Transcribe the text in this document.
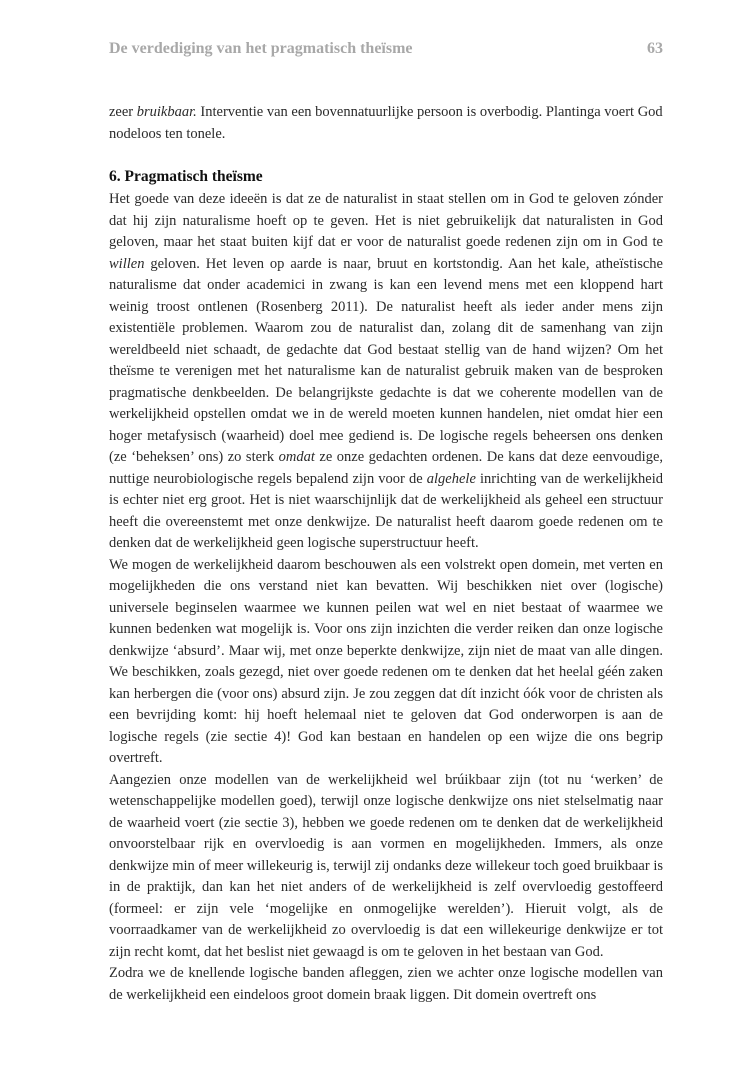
De verdediging van het pragmatisch theïsme	63

zeer bruikbaar. Interventie van een bovennatuurlijke persoon is overbodig. Plantinga voert God nodeloos ten tonele.

6. Pragmatisch theïsme

Het goede van deze ideeën is dat ze de naturalist in staat stellen om in God te geloven zónder dat hij zijn naturalisme hoeft op te geven. Het is niet gebruikelijk dat naturalisten in God geloven, maar het staat buiten kijf dat er voor de naturalist goede redenen zijn om in God te willen geloven. Het leven op aarde is naar, bruut en kortstondig. Aan het kale, atheïstische naturalisme dat onder academici in zwang is kan een levend mens met een kloppend hart weinig troost ontlenen (Rosenberg 2011). De naturalist heeft als ieder ander mens zijn existentiële problemen. Waarom zou de naturalist dan, zolang dit de samenhang van zijn wereldbeeld niet schaadt, de gedachte dat God bestaat stellig van de hand wijzen? Om het theïsme te verenigen met het naturalisme kan de naturalist gebruik maken van de besproken pragmatische denkbeelden. De belangrijkste gedachte is dat we coherente modellen van de werkelijkheid opstellen omdat we in de wereld moeten kunnen handelen, niet omdat hier een hoger metafysisch (waarheid) doel mee gediend is. De logische regels beheersen ons denken (ze ‘beheksen’ ons) zo sterk omdat ze onze gedachten ordenen. De kans dat deze eenvoudige, nuttige neurobiologische regels bepalend zijn voor de algehele inrichting van de werkelijkheid is echter niet erg groot. Het is niet waarschijnlijk dat de werkelijkheid als geheel een structuur heeft die overeenstemt met onze denkwijze. De naturalist heeft daarom goede redenen om te denken dat de werkelijkheid geen logische superstructuur heeft.

We mogen de werkelijkheid daarom beschouwen als een volstrekt open domein, met verten en mogelijkheden die ons verstand niet kan bevatten. Wij beschikken niet over (logische) universele beginselen waarmee we kunnen peilen wat wel en niet bestaat of waarmee we kunnen bedenken wat mogelijk is. Voor ons zijn inzichten die verder reiken dan onze logische denkwijze ‘absurd’. Maar wij, met onze beperkte denkwijze, zijn niet de maat van alle dingen. We beschikken, zoals gezegd, niet over goede redenen om te denken dat het heelal géén zaken kan herbergen die (voor ons) absurd zijn. Je zou zeggen dat dít inzicht óók voor de christen als een bevrijding komt: hij hoeft helemaal niet te geloven dat God onderworpen is aan de logische regels (zie sectie 4)! God kan bestaan en handelen op een wijze die ons begrip overtreft.

Aangezien onze modellen van de werkelijkheid wel brúikbaar zijn (tot nu ‘werken’ de wetenschappelijke modellen goed), terwijl onze logische denkwijze ons niet stelselmatig naar de waarheid voert (zie sectie 3), hebben we goede redenen om te denken dat de werkelijkheid onvoorstelbaar rijk en overvloedig is aan vormen en mogelijkheden. Immers, als onze denkwijze min of meer willekeurig is, terwijl zij ondanks deze willekeur toch goed bruikbaar is in de praktijk, dan kan het niet anders of de werkelijkheid is zelf overvloedig gestoffeerd (formeel: er zijn vele ‘mogelijke en onmogelijke werelden’). Hieruit volgt, als de voorraadkamer van de werkelijkheid zo overvloedig is dat een willekeurige denkwijze er tot zijn recht komt, dat het beslist niet gewaagd is om te geloven in het bestaan van God.

Zodra we de knellende logische banden afleggen, zien we achter onze logische modellen van de werkelijkheid een eindeloos groot domein braak liggen. Dit domein overtreft ons
